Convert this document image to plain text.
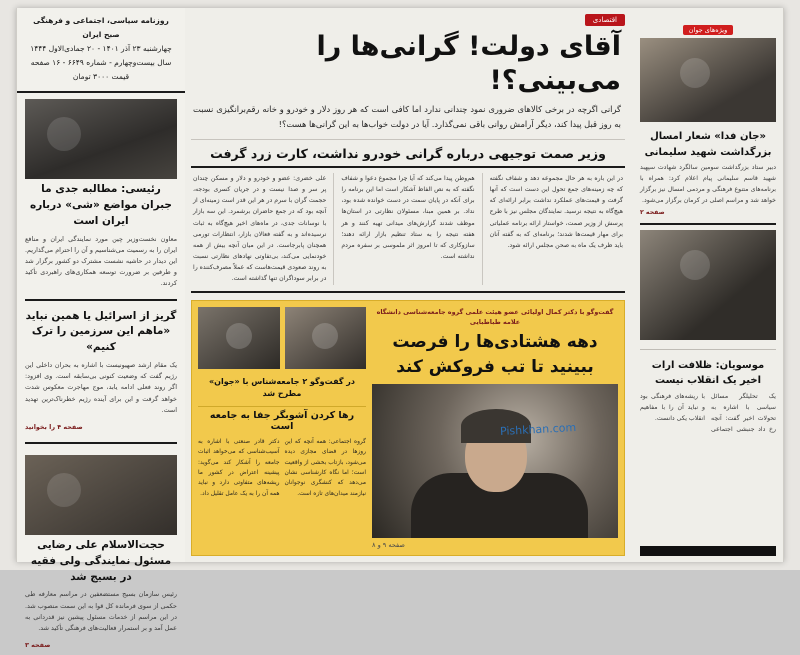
روزنامه سیاسی، اجتماعی و فرهنگی صبح ایران
چهارشنبه ۲۳ آذر ۱۴۰۱ - ۲۰ جمادی‌الاول ۱۴۴۴
سال بیست‌وچهارم - شماره ۶۶۴۹ - ۱۶ صفحه
قیمت ۳۰۰۰ تومان
رئیسی: مطالبه جدی ما جبران مواضع «شی» درباره ایران است
معاون نخست‌وزیر چین مورد نمایندگی ایران و منافع ایران را به رسمیت می‌شناسیم و آن را احترام می‌گذاریم. این دیدار در حاشیه نشست مشترک دو کشور برگزار شد و طرفین بر ضرورت توسعه همکاری‌های راهبردی تأکید کردند.
گریز از اسرائیل یا همین نباید «ماهم این سرزمین را ترک کنیم»
یک مقام ارشد صهیونیست با اشاره به بحران داخلی این رژیم گفت که وضعیت کنونی بی‌سابقه است. وی افزود: اگر روند فعلی ادامه یابد، موج مهاجرت معکوس شدت خواهد گرفت و این برای آینده رژیم خطرناک‌ترین تهدید است.
صفحه ۴ را بخوانید
حجت‌الاسلام علی رضایی مسئول نمایندگی ولی فقیه در بسیج شد
رئیس سازمان بسیج مستضعفین در مراسم معارفه طی حکمی از سوی فرمانده کل قوا به این سمت منصوب شد. در این مراسم از خدمات مسئول پیشین نیز قدردانی به عمل آمد و بر استمرار فعالیت‌های فرهنگی تأکید شد.
صفحه ۳
اقتصادی
آقای دولت! گرانی‌ها را می‌بینی؟!
گرانی اگرچه در برخی کالاهای ضروری نمود چندانی ندارد اما کافی است که هر روز دلار و خودرو و خانه رقم‌برانگیزی نسبت به روز قبل پیدا کند، دیگر آرامش روانی باقی نمی‌گذارد. آیا در دولت خواب‌ها به این گرانی‌ها هست؟!
وزیر صمت توجیهی درباره گرانی خودرو نداشت، کارت زرد گرفت
علی خضری: عضو و خودرو و دلار و مسکن چندان پر سر و صدا نیست و در جریان کسری بودجه، حجمت گران با سرم در هر این قدر است زمینه‌ای از آنچه بود که در جمع حاضران برشمرد. این سه بازار با نوسانات جدی، در ماه‌های اخیر هیچ‌گاه به ثبات نرسیده‌اند و به گفته فعالان بازار، انتظارات تورمی همچنان پابرجاست. در این میان آنچه بیش از همه خودنمایی می‌کند، بی‌تفاوتی نهادهای نظارتی نسبت به روند صعودی قیمت‌هاست که عملاً مصرف‌کننده را در برابر سوداگران تنها گذاشته است.
هم‌وطن پیدا می‌کند که آیا چرا مجموع دعوا و شفاف نگفته که به نص الفاظ آشکار است اما این برنامه را برای آنکه در پایان سمت در دست خوانده شده بود، نداد. بر همین مبنا، مسئولان نظارتی در استان‌ها موظف شدند گزارش‌های میدانی تهیه کنند و هر هفته نتیجه را به ستاد تنظیم بازار ارائه دهند؛ سازوکاری که تا امروز اثر ملموسی بر سفره مردم نداشته است.
در این باره به هر حال مجموعه دهد و شفاف نگفته که چه زمینه‌های جمع تحول این دست است که آنها گرفت و قیمت‌های عملکرد نداشت برابر ارائه‌ای که هیچ‌گاه به نتیجه نرسید. نمایندگان مجلس نیز با طرح پرسش از وزیر صمت، خواستار ارائه برنامه عملیاتی برای مهار قیمت‌ها شدند؛ برنامه‌ای که به گفته آنان باید ظرف یک ماه به صحن مجلس ارائه شود.
در گفت‌وگو ۲ جامعه‌شناس با «جوان» مطرح شد
رها کردن آشوبگر جفا به جامعه است
دکتر قادر صنعتی با اشاره به آسیب‌شناسی که می‌خواهد اثبات جامعه را آشکار کند می‌گوید: پیشینه اعتراض در کشور ما ریشه‌های متفاوتی دارد و نباید همه آن را به یک عامل تقلیل داد.
گروه اجتماعی: همه آنچه که این روزها در فضای مجازی دیده می‌شود، بازتاب بخشی از واقعیت است؛ اما نگاه کارشناسی نشان می‌دهد که کنشگری نوجوانان نیازمند میدان‌های تازه است.
گفت‌وگو با دکتر کمال اولیائی عضو هیئت علمی گروه جامعه‌شناسی دانشگاه علامه طباطبایی
دهه هشتادی‌ها را فرصت ببینید تا تب فروکش کند
صفحه ۹ و ۸
Pishkhan.com
ویژه‌های جوان
«جان فدا» شعار امسال بزرگداشت شهید سلیمانی
دبیر ستاد بزرگداشت سومین سالگرد شهادت سپهبد شهید قاسم سلیمانی پیام اعلام کرد: همراه با برنامه‌های متنوع فرهنگی و مردمی امسال نیز برگزار خواهد شد و مراسم اصلی در کرمان برگزار می‌شود.
صفحه ۲
موسویان: ظلافت ارات اخیر یک انقلاب نیست
یک تحلیلگر مسائل سیاسی با اشاره به تحولات اخیر گفت: آنچه رخ داد جنبشی اجتماعی با ریشه‌های فرهنگی بود و نباید آن را با مفاهیم انقلاب یکی دانست.
